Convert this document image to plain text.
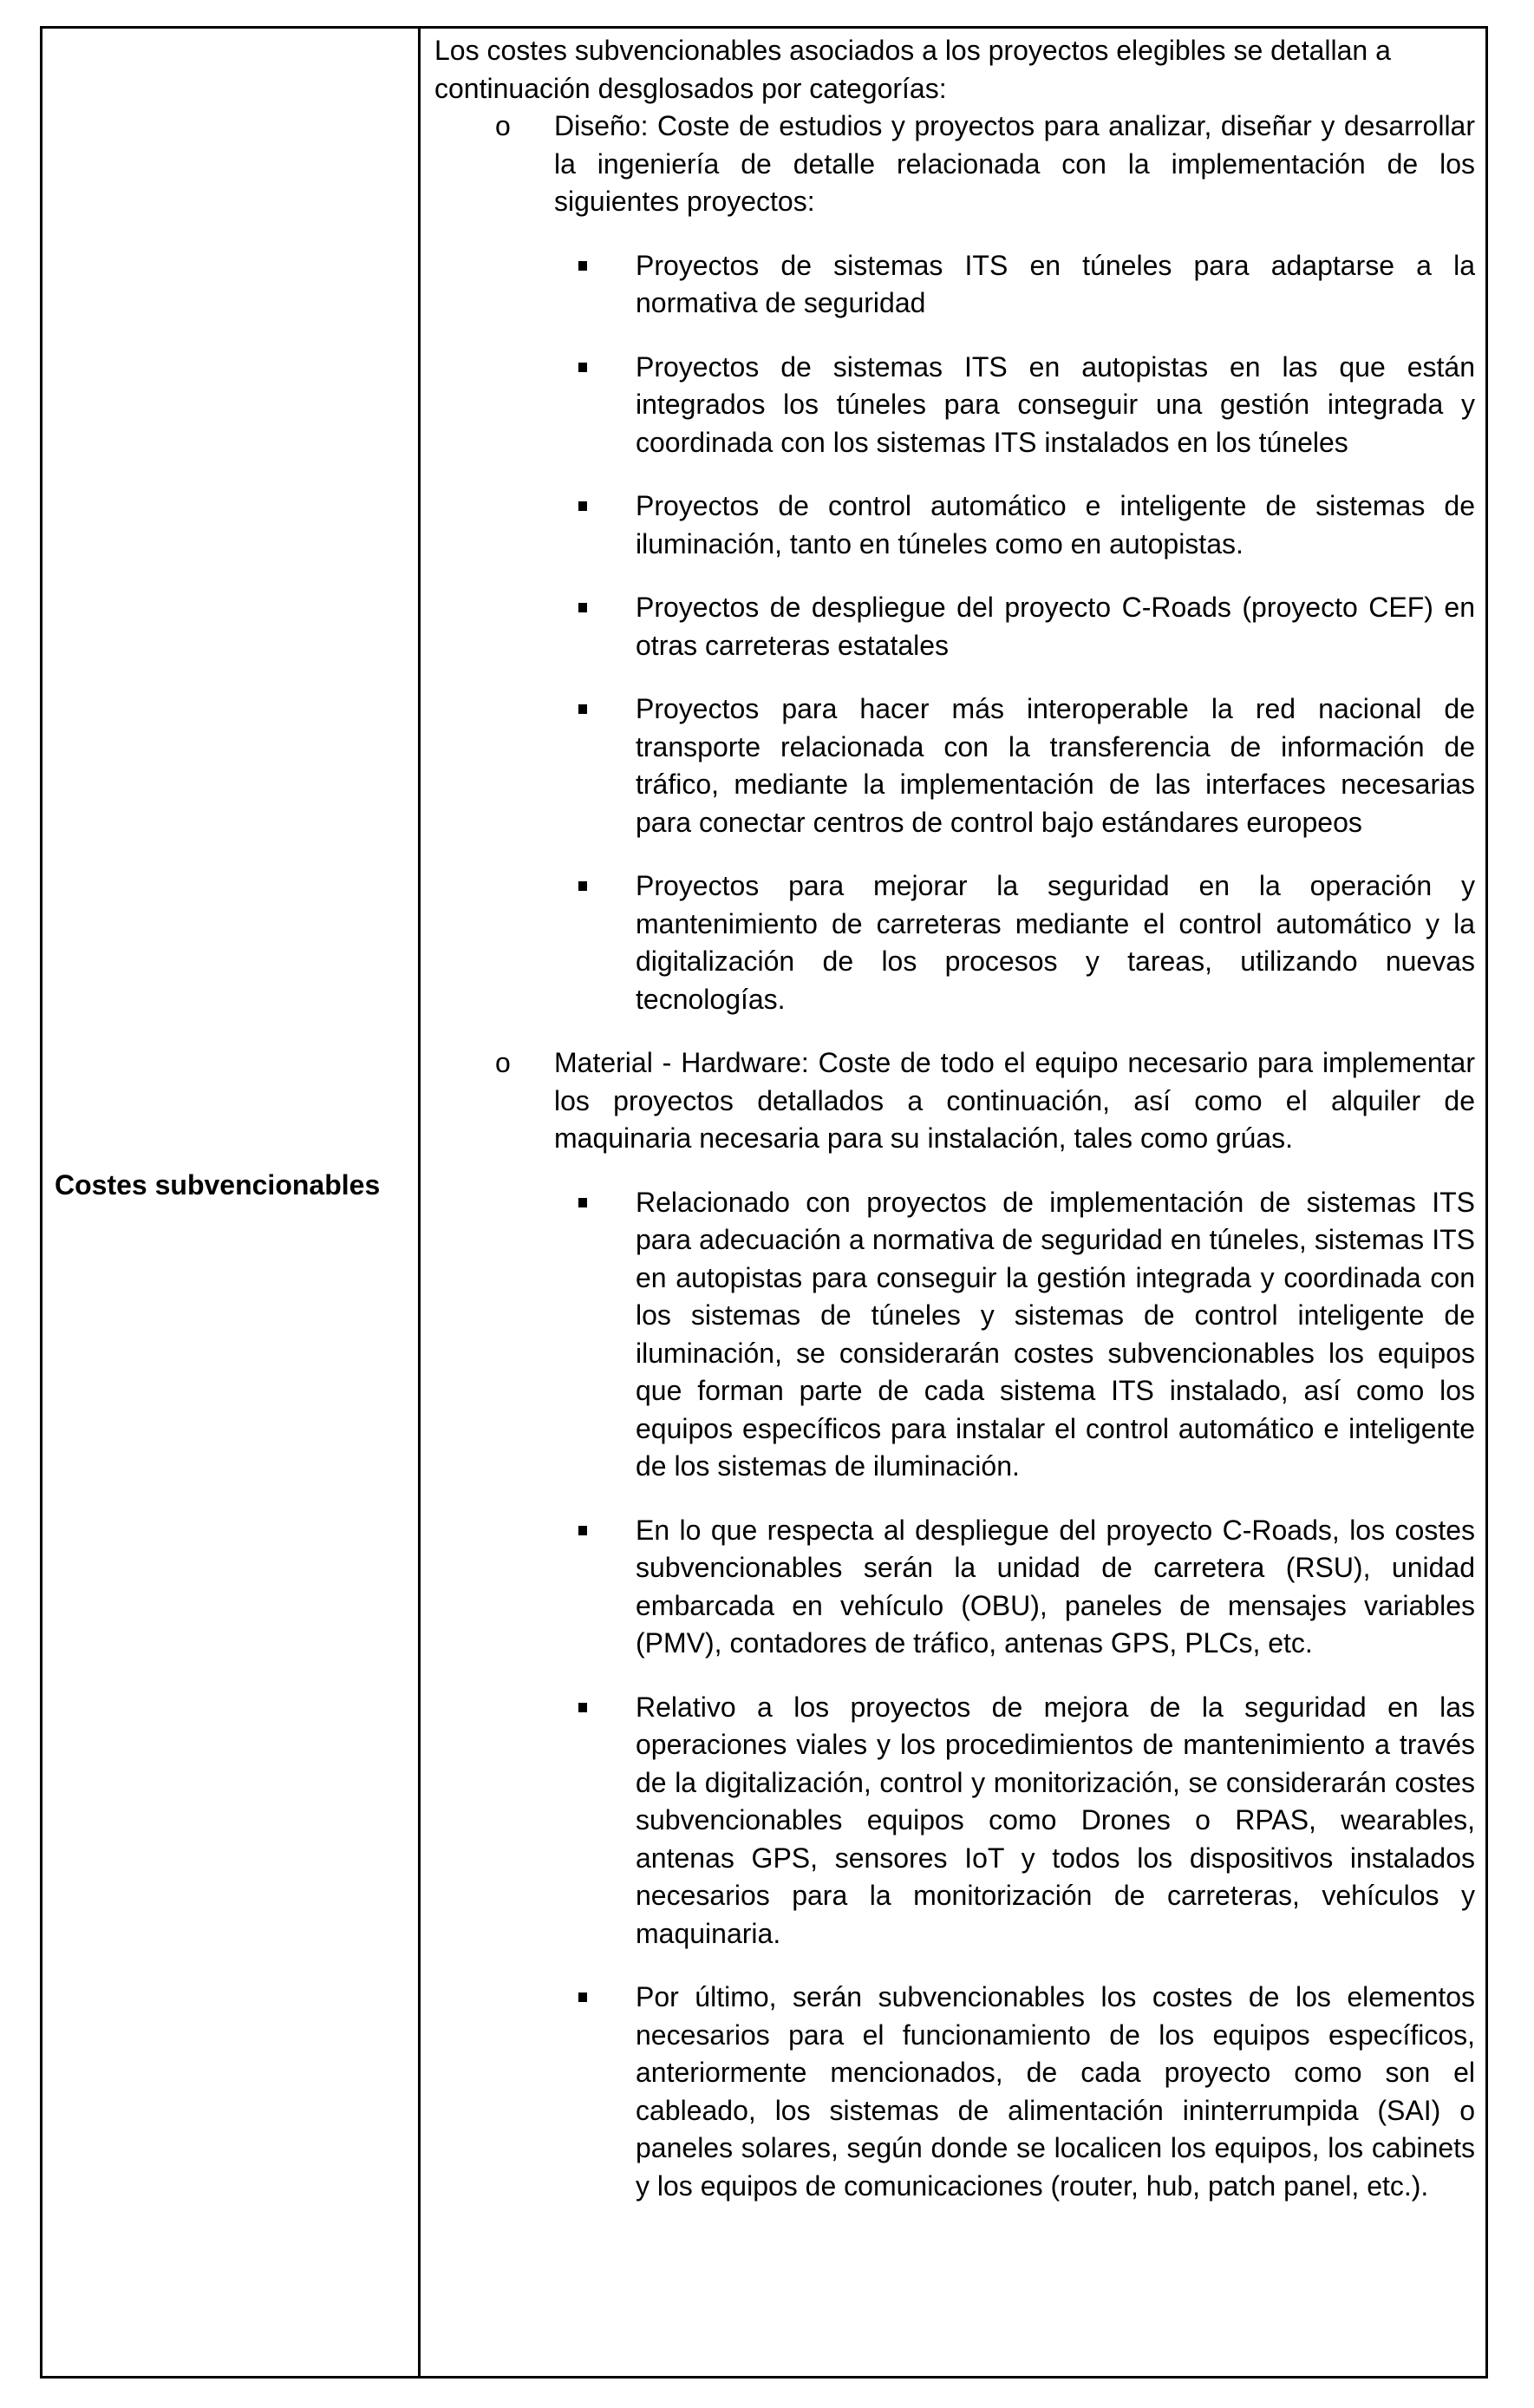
Costes subvencionables

Los costes subvencionables asociados a los proyectos elegibles se detallan a continuación desglosados por categorías:

o Diseño: Coste de estudios y proyectos para analizar, diseñar y desarrollar la ingeniería de detalle relacionada con la implementación de los siguientes proyectos:

Proyectos de sistemas ITS en túneles para adaptarse a la normativa de seguridad
Proyectos de sistemas ITS en autopistas en las que están integrados los túneles para conseguir una gestión integrada y coordinada con los sistemas ITS instalados en los túneles
Proyectos de control automático e inteligente de sistemas de iluminación, tanto en túneles como en autopistas.
Proyectos de despliegue del proyecto C-Roads (proyecto CEF) en otras carreteras estatales
Proyectos para hacer más interoperable la red nacional de transporte relacionada con la transferencia de información de tráfico, mediante la implementación de las interfaces necesarias para conectar centros de control bajo estándares europeos
Proyectos para mejorar la seguridad en la operación y mantenimiento de carreteras mediante el control automático y la digitalización de los procesos y tareas, utilizando nuevas tecnologías.
o Material - Hardware: Coste de todo el equipo necesario para implementar los proyectos detallados a continuación, así como el alquiler de maquinaria necesaria para su instalación, tales como grúas.

Relacionado con proyectos de implementación de sistemas ITS para adecuación a normativa de seguridad en túneles, sistemas ITS en autopistas para conseguir la gestión integrada y coordinada con los sistemas de túneles y sistemas de control inteligente de iluminación, se considerarán costes subvencionables los equipos que forman parte de cada sistema ITS instalado, así como los equipos específicos para instalar el control automático e inteligente de los sistemas de iluminación.
En lo que respecta al despliegue del proyecto C-Roads, los costes subvencionables serán la unidad de carretera (RSU), unidad embarcada en vehículo (OBU), paneles de mensajes variables (PMV), contadores de tráfico, antenas GPS, PLCs, etc.
Relativo a los proyectos de mejora de la seguridad en las operaciones viales y los procedimientos de mantenimiento a través de la digitalización, control y monitorización, se considerarán costes subvencionables equipos como Drones o RPAS, wearables, antenas GPS, sensores IoT y todos los dispositivos instalados necesarios para la monitorización de carreteras, vehículos y maquinaria.
Por último, serán subvencionables los costes de los elementos necesarios para el funcionamiento de los equipos específicos, anteriormente mencionados, de cada proyecto como son el cableado, los sistemas de alimentación ininterrumpida (SAI) o paneles solares, según donde se localicen los equipos, los cabinets y los equipos de comunicaciones (router, hub, patch panel, etc.).
